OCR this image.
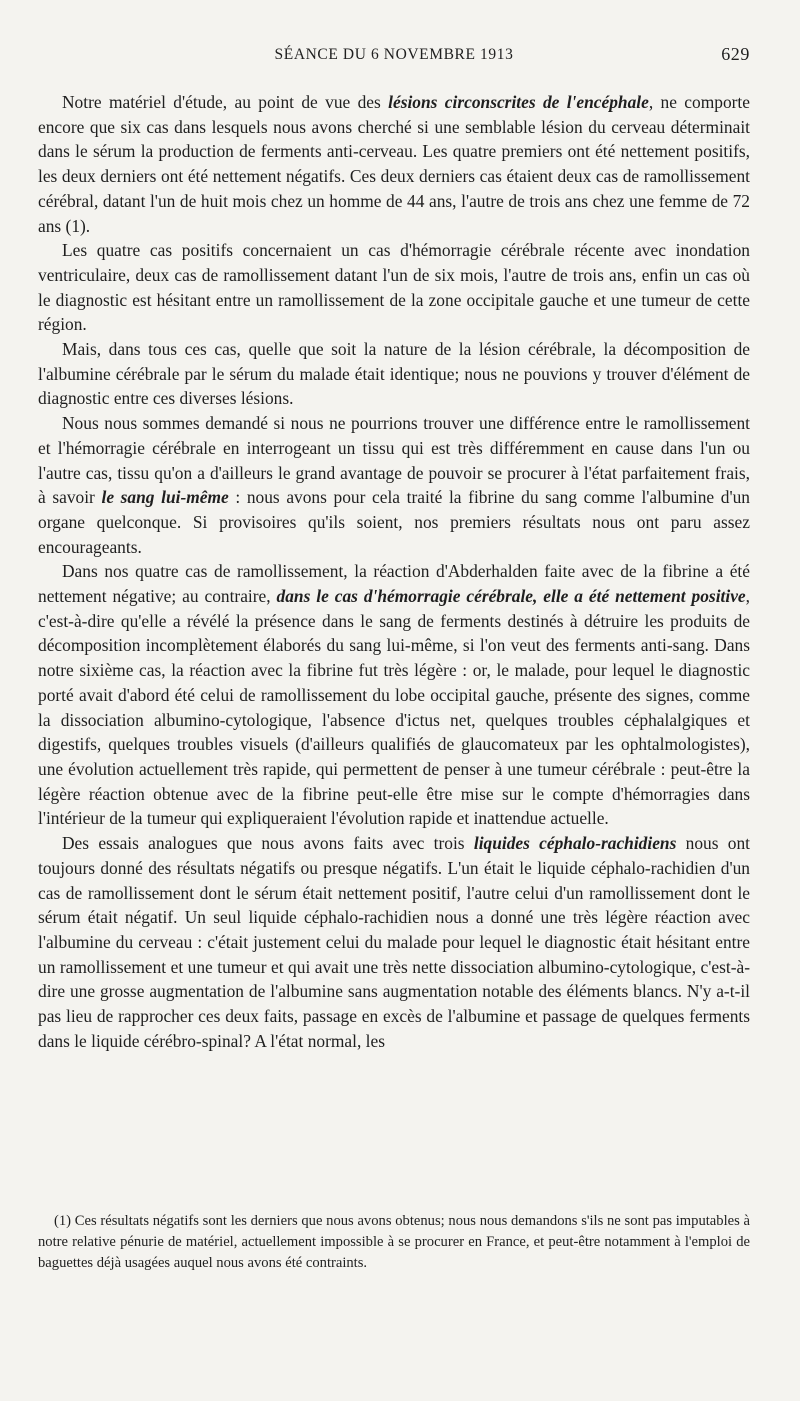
SÉANCE DU 6 NOVEMBRE 1913	629

Notre matériel d'étude, au point de vue des lésions circonscrites de l'encéphale, ne comporte encore que six cas dans lesquels nous avons cherché si une semblable lésion du cerveau déterminait dans le sérum la production de ferments anti-cerveau. Les quatre premiers ont été nettement positifs, les deux derniers ont été nettement négatifs. Ces deux derniers cas étaient deux cas de ramollissement cérébral, datant l'un de huit mois chez un homme de 44 ans, l'autre de trois ans chez une femme de 72 ans (1).

Les quatre cas positifs concernaient un cas d'hémorragie cérébrale récente avec inondation ventriculaire, deux cas de ramollissement datant l'un de six mois, l'autre de trois ans, enfin un cas où le diagnostic est hésitant entre un ramollissement de la zone occipitale gauche et une tumeur de cette région.

Mais, dans tous ces cas, quelle que soit la nature de la lésion cérébrale, la décomposition de l'albumine cérébrale par le sérum du malade était identique; nous ne pouvions y trouver d'élément de diagnostic entre ces diverses lésions.

Nous nous sommes demandé si nous ne pourrions trouver une différence entre le ramollissement et l'hémorragie cérébrale en interrogeant un tissu qui est très différemment en cause dans l'un ou l'autre cas, tissu qu'on a d'ailleurs le grand avantage de pouvoir se procurer à l'état parfaitement frais, à savoir le sang lui-même : nous avons pour cela traité la fibrine du sang comme l'albumine d'un organe quelconque. Si provisoires qu'ils soient, nos premiers résultats nous ont paru assez encourageants.

Dans nos quatre cas de ramollissement, la réaction d'Abderhalden faite avec de la fibrine a été nettement négative; au contraire, dans le cas d'hémorragie cérébrale, elle a été nettement positive, c'est-à-dire qu'elle a révélé la présence dans le sang de ferments destinés à détruire les produits de décomposition incomplètement élaborés du sang lui-même, si l'on veut des ferments anti-sang. Dans notre sixième cas, la réaction avec la fibrine fut très légère : or, le malade, pour lequel le diagnostic porté avait d'abord été celui de ramollissement du lobe occipital gauche, présente des signes, comme la dissociation albumino-cytologique, l'absence d'ictus net, quelques troubles céphalalgiques et digestifs, quelques troubles visuels (d'ailleurs qualifiés de glaucomateux par les ophtalmologistes), une évolution actuellement très rapide, qui permettent de penser à une tumeur cérébrale : peut-être la légère réaction obtenue avec de la fibrine peut-elle être mise sur le compte d'hémorragies dans l'intérieur de la tumeur qui expliqueraient l'évolution rapide et inattendue actuelle.

Des essais analogues que nous avons faits avec trois liquides céphalo-rachidiens nous ont toujours donné des résultats négatifs ou presque négatifs. L'un était le liquide céphalo-rachidien d'un cas de ramollissement dont le sérum était nettement positif, l'autre celui d'un ramollissement dont le sérum était négatif. Un seul liquide céphalo-rachidien nous a donné une très légère réaction avec l'albumine du cerveau : c'était justement celui du malade pour lequel le diagnostic était hésitant entre un ramollissement et une tumeur et qui avait une très nette dissociation albumino-cytologique, c'est-à-dire une grosse augmentation de l'albumine sans augmentation notable des éléments blancs. N'y a-t-il pas lieu de rapprocher ces deux faits, passage en excès de l'albumine et passage de quelques ferments dans le liquide cérébro-spinal? A l'état normal, les

(1) Ces résultats négatifs sont les derniers que nous avons obtenus; nous nous demandons s'ils ne sont pas imputables à notre relative pénurie de matériel, actuellement impossible à se procurer en France, et peut-être notamment à l'emploi de baguettes déjà usagées auquel nous avons été contraints.
